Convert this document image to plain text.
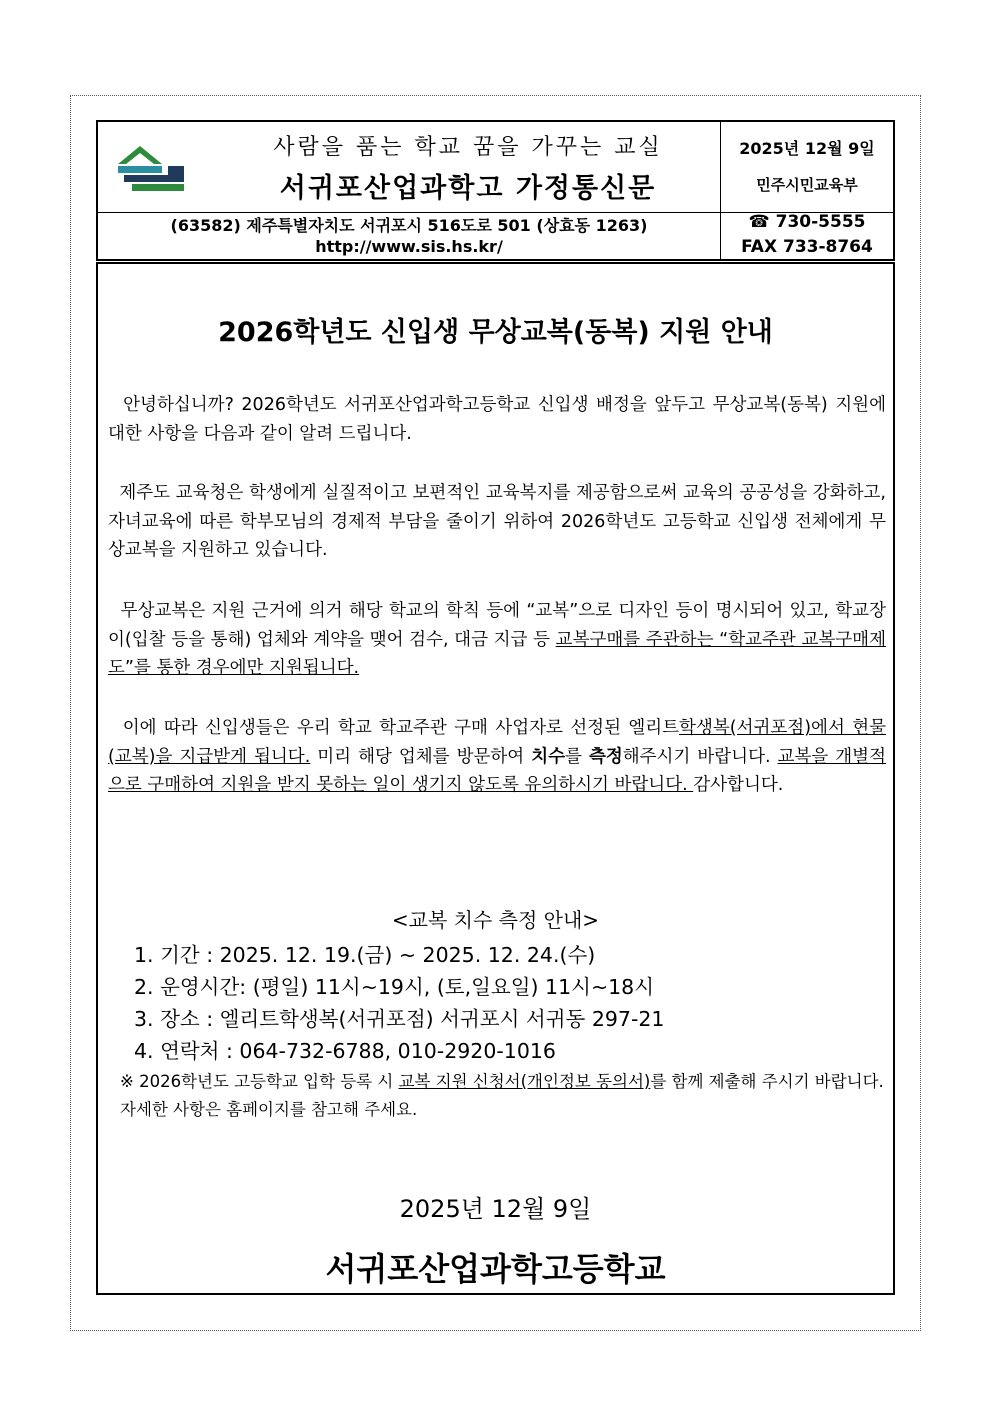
사람을 품는 학교 꿈을 가꾸는 교실
서귀포산업과학고 가정통신문
(63582) 제주특별자치도 서귀포시 516도로 501 (상효동 1263)
http://www.sis.hs.kr/
2025년 12월 9일
민주시민교육부
☎ 730-5555
FAX 733-8764
2026학년도 신입생 무상교복(동복) 지원 안내
안녕하십니까? 2026학년도 서귀포산업과학고등학교 신입생 배정을 앞두고 무상교복(동복) 지원에 대한 사항을 다음과 같이 알려 드립니다.
제주도 교육청은 학생에게 실질적이고 보편적인 교육복지를 제공함으로써 교육의 공공성을 강화하고, 자녀교육에 따른 학부모님의 경제적 부담을 줄이기 위하여 2026학년도 고등학교 신입생 전체에게 무상교복을 지원하고 있습니다.
무상교복은 지원 근거에 의거 해당 학교의 학칙 등에 “교복”으로 디자인 등이 명시되어 있고, 학교장이(입찰 등을 통해) 업체와 계약을 맺어 검수, 대금 지급 등 교복구매를 주관하는 “학교주관 교복구매제도”를 통한 경우에만 지원됩니다.
이에 따라 신입생들은 우리 학교 학교주관 구매 사업자로 선정된 엘리트학생복(서귀포점)에서 현물(교복)을 지급받게 됩니다. 미리 해당 업체를 방문하여 치수를 측정해주시기 바랍니다. 교복을 개별적으로 구매하여 지원을 받지 못하는 일이 생기지 않도록 유의하시기 바랍니다. 감사합니다.
<교복 치수 측정 안내>
1. 기간 : 2025. 12. 19.(금) ~ 2025. 12. 24.(수)
2. 운영시간: (평일) 11시~19시, (토,일요일) 11시~18시
3. 장소 : 엘리트학생복(서귀포점) 서귀포시 서귀동 297-21
4. 연락처 : 064-732-6788, 010-2920-1016
※ 2026학년도 고등학교 입학 등록 시 교복 지원 신청서(개인정보 동의서)를 함께 제출해 주시기 바랍니다. 자세한 사항은 홈페이지를 참고해 주세요.
2025년 12월 9일
서귀포산업과학고등학교
